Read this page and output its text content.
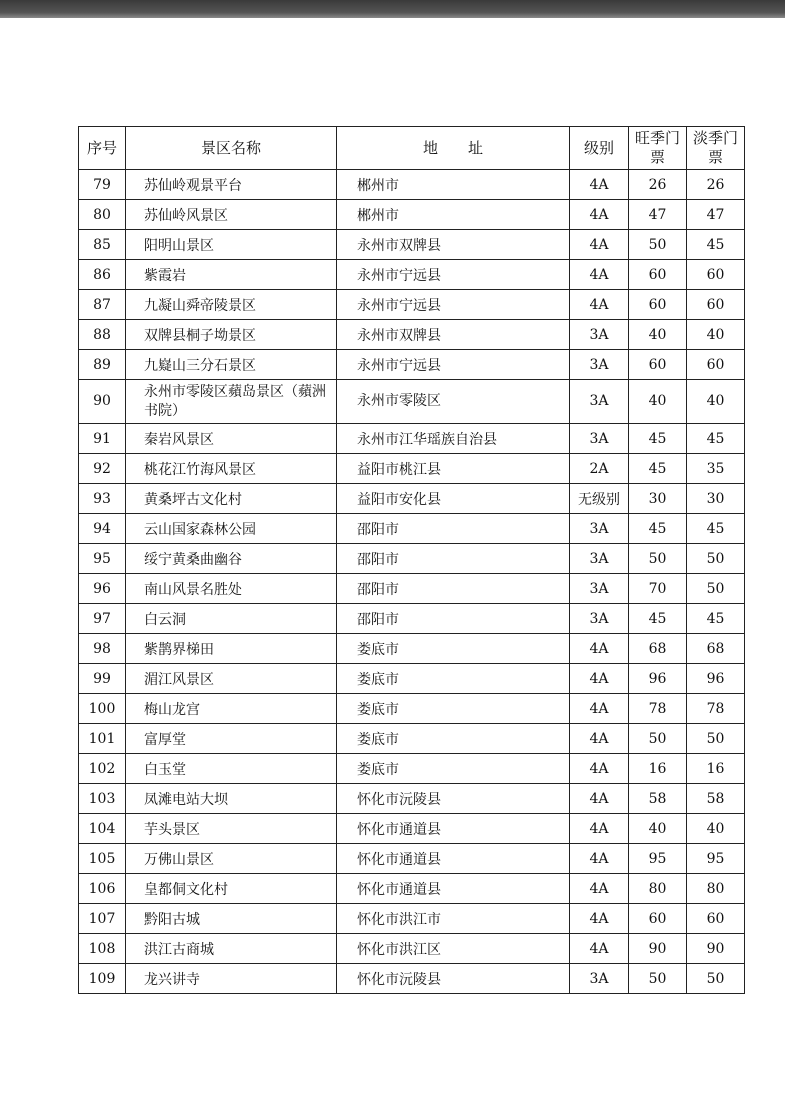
序号	景区名称	地　　址	级别	旺季门票	淡季门票
79	苏仙岭观景平台	郴州市	4A	26	26
80	苏仙岭风景区	郴州市	4A	47	47
85	阳明山景区	永州市双牌县	4A	50	45
86	紫霞岩	永州市宁远县	4A	60	60
87	九凝山舜帝陵景区	永州市宁远县	4A	60	60
88	双牌县桐子坳景区	永州市双牌县	3A	40	40
89	九嶷山三分石景区	永州市宁远县	3A	60	60
90	永州市零陵区蘋岛景区（蘋洲书院）	永州市零陵区	3A	40	40
91	秦岩风景区	永州市江华瑶族自治县	3A	45	45
92	桃花江竹海风景区	益阳市桃江县	2A	45	35
93	黄桑坪古文化村	益阳市安化县	无级别	30	30
94	云山国家森林公园	邵阳市	3A	45	45
95	绥宁黄桑曲幽谷	邵阳市	3A	50	50
96	南山风景名胜处	邵阳市	3A	70	50
97	白云洞	邵阳市	3A	45	45
98	紫鹊界梯田	娄底市	4A	68	68
99	湄江风景区	娄底市	4A	96	96
100	梅山龙宫	娄底市	4A	78	78
101	富厚堂	娄底市	4A	50	50
102	白玉堂	娄底市	4A	16	16
103	凤滩电站大坝	怀化市沅陵县	4A	58	58
104	芋头景区	怀化市通道县	4A	40	40
105	万佛山景区	怀化市通道县	4A	95	95
106	皇都侗文化村	怀化市通道县	4A	80	80
107	黔阳古城	怀化市洪江市	4A	60	60
108	洪江古商城	怀化市洪江区	4A	90	90
109	龙兴讲寺	怀化市沅陵县	3A	50	50
